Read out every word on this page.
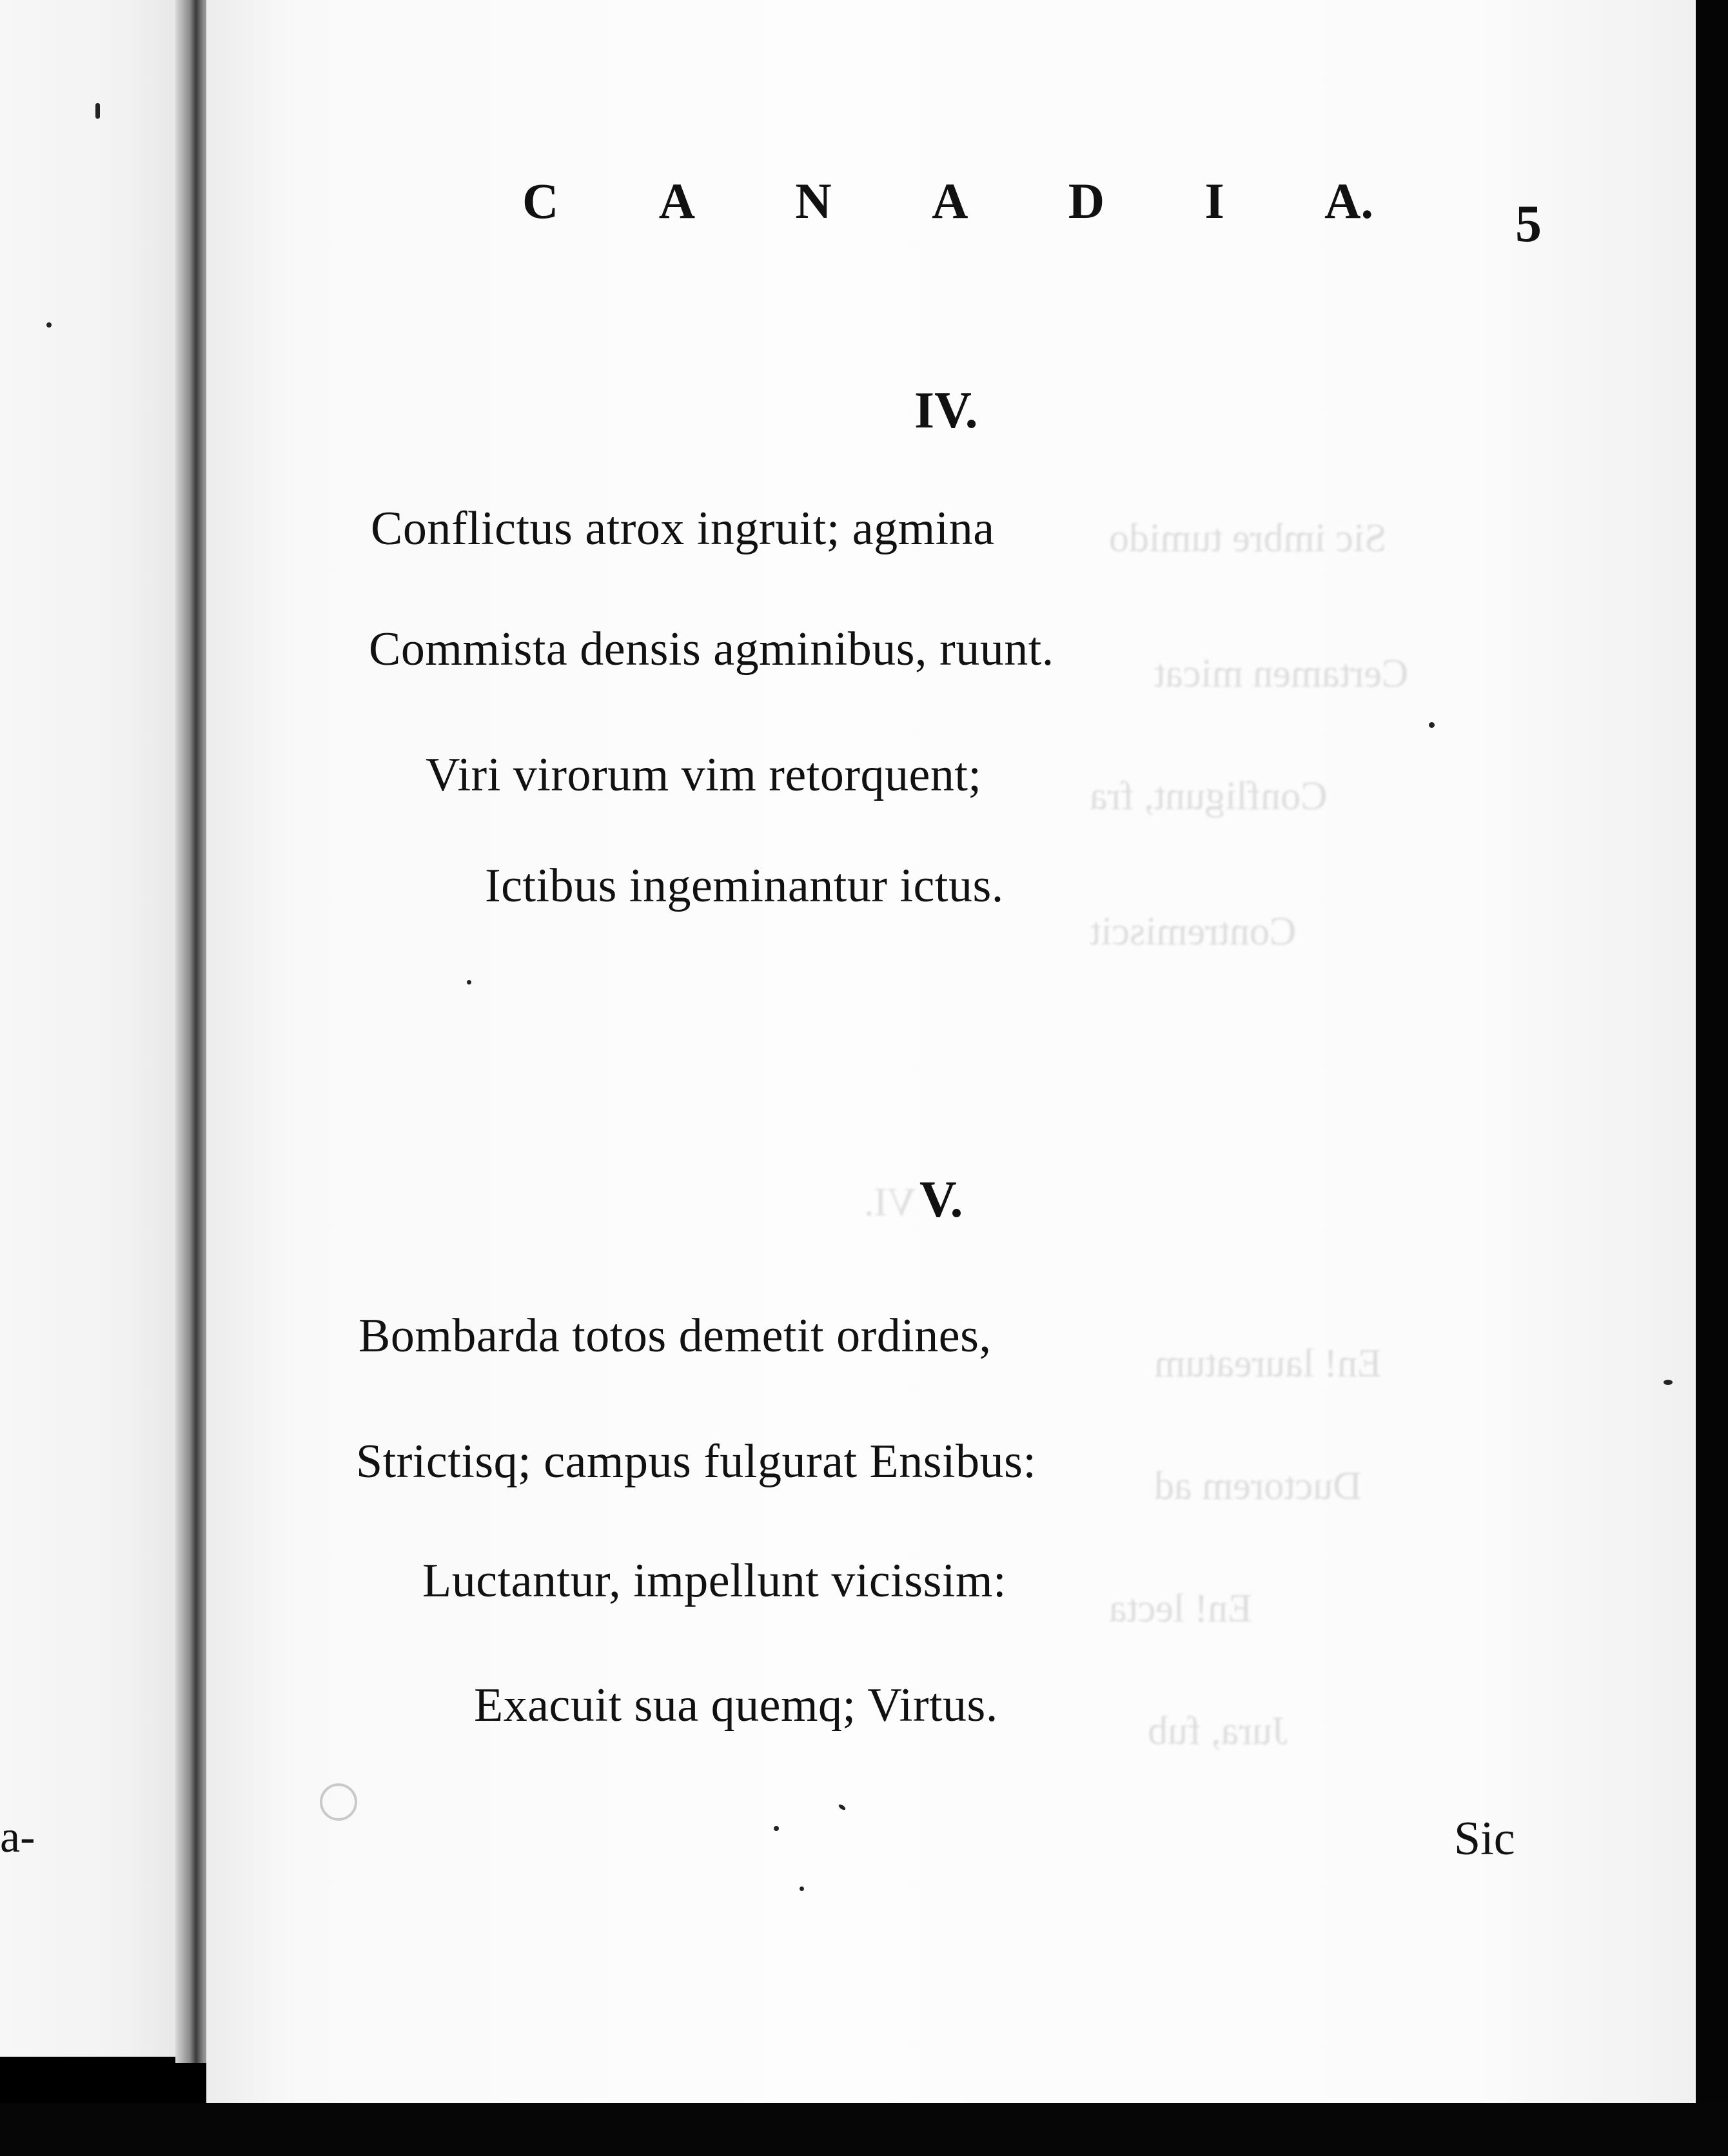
a-
Sic imbre tumido
Certamen micat
Confligunt, fra
Contremiscit
VI.
En! laureatum
Ductorem ad
En! lecta
Jura, fub
C A N A D I A.	5
IV.
Conflictus atrox ingruit; agmina
Commista densis agminibus, ruunt.
Viri virorum vim retorquent;
Ictibus ingeminantur ictus.
V.
Bombarda totos demetit ordines,
Strictisq; campus fulgurat Ensibus:
Luctantur, impellunt vicissim:
Exacuit sua quemq; Virtus.
Sic
